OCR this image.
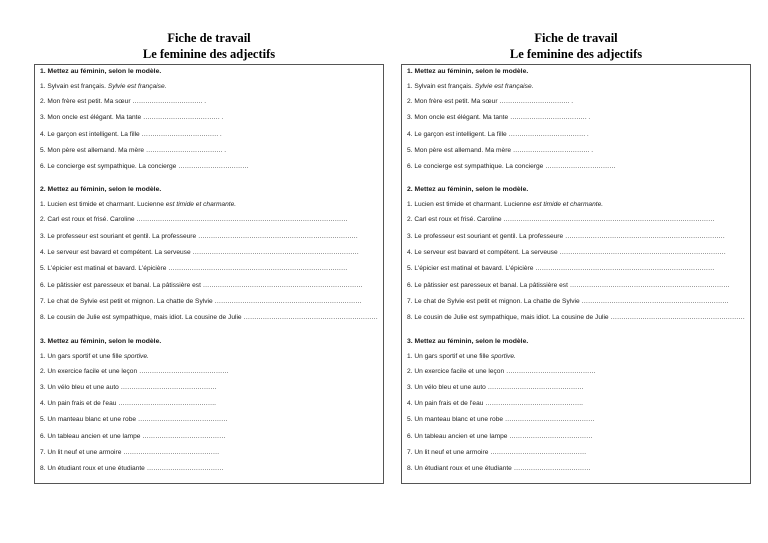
Fiche de travail
Le feminine des adjectifs
1. Mettez au féminin, selon le modèle.
1. Sylvain est français. Sylvie est française.
2. Mon frère est petit. Ma sœur …………………………… .
3. Mon oncle est élégant. Ma tante ……………………………… .
4. Le garçon est intelligent. La fille ……………………………… .
5. Mon père est allemand. Ma mère ……………………………… .
6. Le concierge est sympathique. La concierge ……………………………
2. Mettez au féminin, selon le modèle.
1. Lucien est timide et charmant. Lucienne est timide et charmante.
2. Carl est roux et frisé. Caroline ………………………………………………………………………………………
3. Le professeur est souriant et gentil. La professeure …………………………………………………………………
4. Le serveur est bavard et compétent. La serveuse ……………………………………………………………………
5. L'épicier est matinal et bavard. L'épicière …………………………………………………………………………
6. Le pâtissier est paresseux et banal. La pâtissière est …………………………………………………………………
7. Le chat de Sylvie est petit et mignon. La chatte de Sylvie ……………………………………………………………
8. Le cousin de Julie est sympathique, mais idiot. La cousine de Julie ………………………………………………………
3. Mettez au féminin, selon le modèle.
1. Un gars sportif et une fille sportive.
2. Un exercice facile et une leçon ……………………………………
3. Un vélo bleu et une auto ………………………………………
4. Un pain frais et de l'eau ……………………………………….
5. Un manteau blanc et une robe ……………………………………
6. Un tableau ancien et une lampe …………………………………
7. Un lit neuf et une armoire ………………………………………
8. Un étudiant roux et une étudiante ………………………………
Fiche de travail
Le feminine des adjectifs
1. Mettez au féminin, selon le modèle.
1. Sylvain est français. Sylvie est française.
2. Mon frère est petit. Ma sœur …………………………… .
3. Mon oncle est élégant. Ma tante ……………………………… .
4. Le garçon est intelligent. La fille ……………………………… .
5. Mon père est allemand. Ma mère ……………………………… .
6. Le concierge est sympathique. La concierge ……………………………
2. Mettez au féminin, selon le modèle.
1. Lucien est timide et charmant. Lucienne est timide et charmante.
2. Carl est roux et frisé. Caroline ………………………………………………………………………………………
3. Le professeur est souriant et gentil. La professeure …………………………………………………………………
4. Le serveur est bavard et compétent. La serveuse ……………………………………………………………………
5. L'épicier est matinal et bavard. L'épicière …………………………………………………………………………
6. Le pâtissier est paresseux et banal. La pâtissière est …………………………………………………………………
7. Le chat de Sylvie est petit et mignon. La chatte de Sylvie ……………………………………………………………
8. Le cousin de Julie est sympathique, mais idiot. La cousine de Julie ………………………………………………………
3. Mettez au féminin, selon le modèle.
1. Un gars sportif et une fille sportive.
2. Un exercice facile et une leçon ……………………………………
3. Un vélo bleu et une auto ………………………………………
4. Un pain frais et de l'eau ……………………………………….
5. Un manteau blanc et une robe ……………………………………
6. Un tableau ancien et une lampe …………………………………
7. Un lit neuf et une armoire ………………………………………
8. Un étudiant roux et une étudiante ………………………………
